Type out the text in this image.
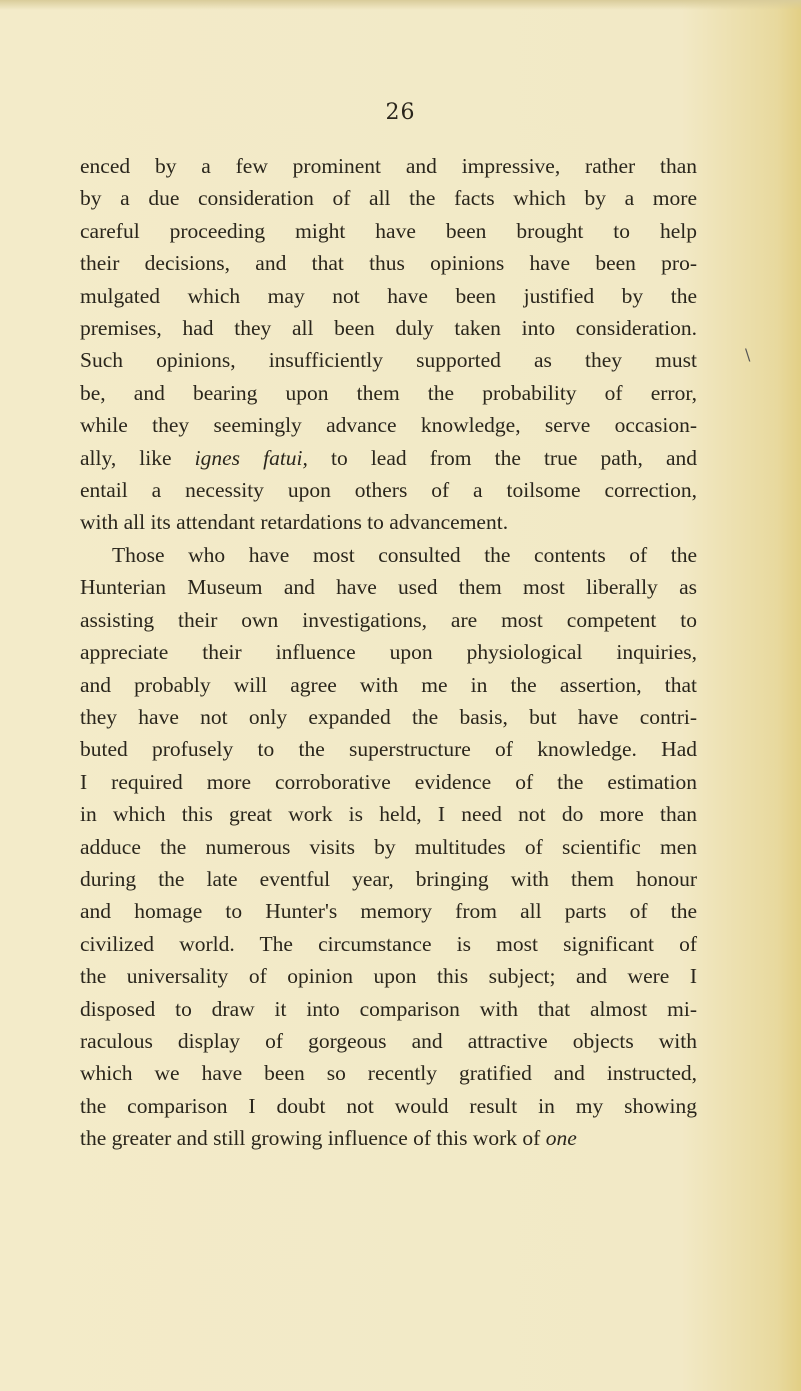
26
enced by a few prominent and impressive, rather than
by a due consideration of all the facts which by a more
careful proceeding might have been brought to help
their decisions, and that thus opinions have been pro-
mulgated which may not have been justified by the
premises, had they all been duly taken into consideration.
Such opinions, insufficiently supported as they must
be, and bearing upon them the probability of error,
while they seemingly advance knowledge, serve occasion-
ally, like ignes fatui, to lead from the true path, and
entail a necessity upon others of a toilsome correction,
with all its attendant retardations to advancement.
Those who have most consulted the contents of the
Hunterian Museum and have used them most liberally as
assisting their own investigations, are most competent to
appreciate their influence upon physiological inquiries,
and probably will agree with me in the assertion, that
they have not only expanded the basis, but have contri-
buted profusely to the superstructure of knowledge. Had
I required more corroborative evidence of the estimation
in which this great work is held, I need not do more than
adduce the numerous visits by multitudes of scientific men
during the late eventful year, bringing with them honour
and homage to Hunter's memory from all parts of the
civilized world. The circumstance is most significant of
the universality of opinion upon this subject; and were I
disposed to draw it into comparison with that almost mi-
raculous display of gorgeous and attractive objects with
which we have been so recently gratified and instructed,
the comparison I doubt not would result in my showing
the greater and still growing influence of this work of one
\
